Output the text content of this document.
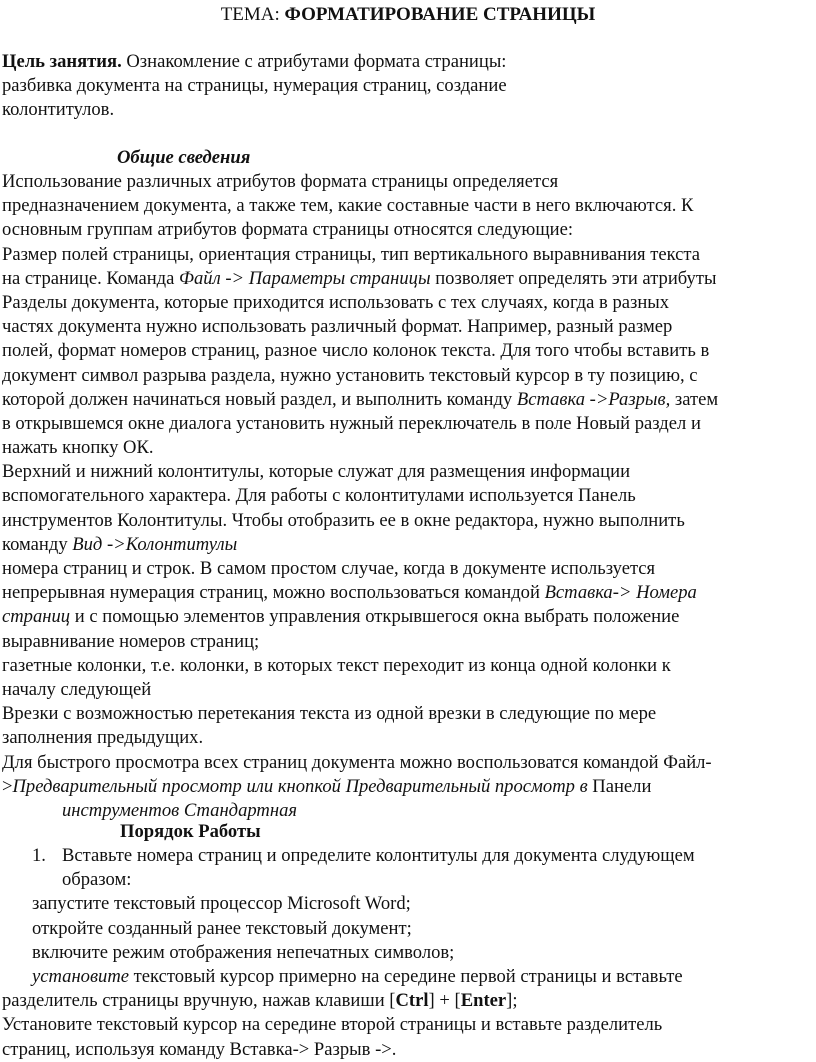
ТЕМА: ФОРМАТИРОВАНИЕ СТРАНИЦЫ
Цель занятия. Ознакомление с атрибутами формата страницы:
разбивка документа на страницы, нумерация страниц, создание
колонтитулов.
Общие сведения
Использование различных атрибутов формата страницы определяется
предназначением документа, а также тем, какие составные части в него включаются. К
основным группам атрибутов формата страницы относятся следующие:
Размер полей страницы, ориентация страницы, тип вертикального выравнивания текста
на странице. Команда Файл -> Параметры страницы позволяет определять эти атрибуты
Разделы документа, которые приходится использовать с тех случаях, когда в разных
частях документа нужно использовать различный формат. Например, разный размер
полей, формат номеров страниц, разное число колонок текста. Для того чтобы вставить в
документ символ разрыва раздела, нужно установить текстовый курсор в ту позицию, с
которой должен начинаться новый раздел, и выполнить команду Вставка ->Разрыв, затем
в открывшемся окне диалога установить нужный переключатель в поле Новый раздел и
нажать кнопку ОК.
Верхний и нижний колонтитулы, которые служат для размещения информации
вспомогательного характера. Для работы с колонтитулами используется Панель
инструментов Колонтитулы. Чтобы отобразить ее в окне редактора, нужно выполнить
команду Вид ->Колонтитулы
номера страниц и строк. В самом простом случае, когда в документе используется
непрерывная нумерация страниц, можно воспользоваться командой Вставка-> Номера
страниц и с помощью элементов управления открывшегося окна выбрать положение
выравнивание номеров страниц;
газетные колонки, т.е. колонки, в которых текст переходит из конца одной колонки к
началу следующей
Врезки с возможностью перетекания текста из одной врезки в следующие по мере
заполнения предыдущих.
Для быстрого просмотра всех страниц документа можно воспользоватся командой Файл-
>Предварительный просмотр или кнопкой Предварительный просмотр в Панели
инструментов Стандартная
Порядок Работы
1. Вставьте номера страниц и определите колонтитулы для документа слудующем
образом:
запустите текстовый процессор Microsoft Word;
откройте созданный ранее текстовый документ;
включите режим отображения непечатных символов;
установите текстовый курсор примерно на середине первой страницы и вставьте
разделитель страницы вручную, нажав клавиши [Ctrl] + [Enter];
Установите текстовый курсор на середине второй страницы и вставьте разделитель
страниц, используя команду Вставка-> Разрыв ->.
